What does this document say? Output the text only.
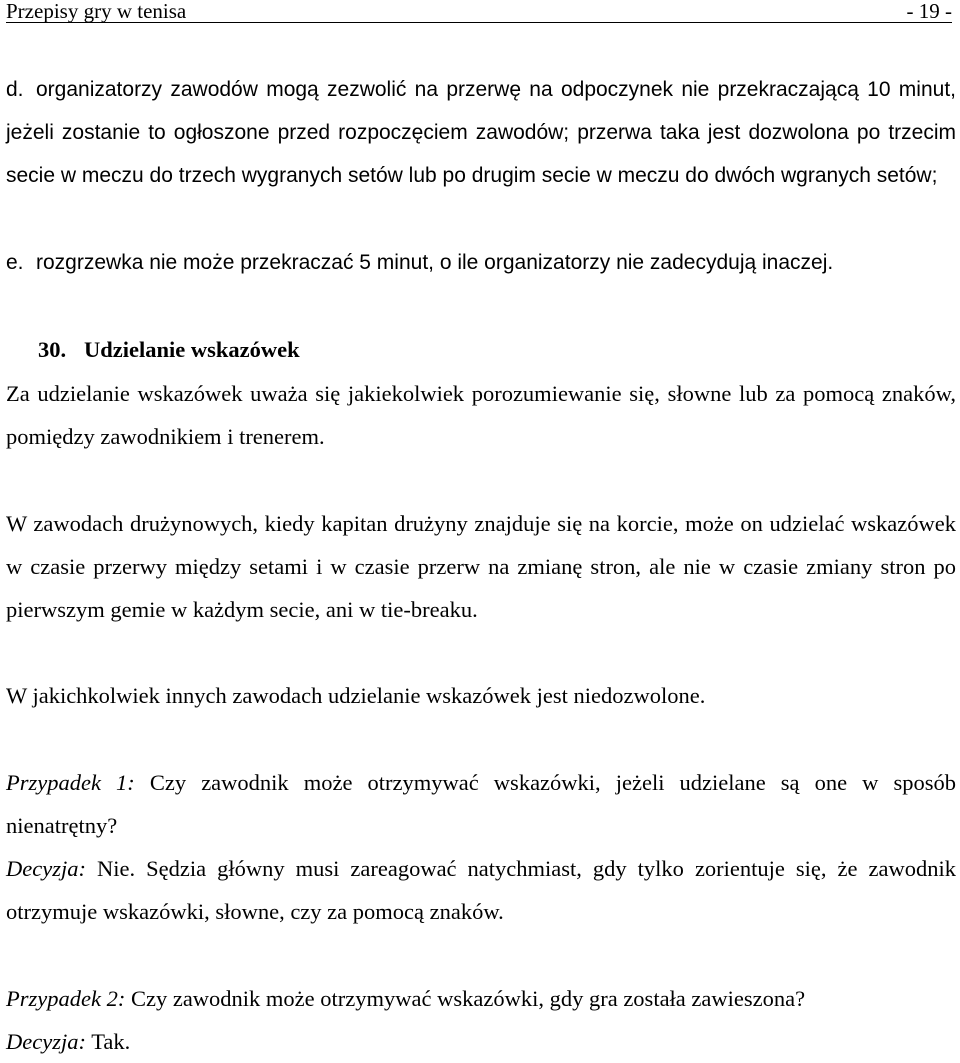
Przepisy gry w tenisa	- 19 -
d. organizatorzy zawodów mogą zezwolić na przerwę na odpoczynek nie przekraczającą 10 minut, jeżeli zostanie to ogłoszone przed rozpoczęciem zawodów; przerwa taka jest dozwolona po trzecim secie w meczu do trzech wygranych setów lub po drugim secie w meczu do dwóch wgranych setów;
e. rozgrzewka nie może przekraczać 5 minut, o ile organizatorzy nie zadecydują inaczej.
30. Udzielanie wskazówek

Za udzielanie wskazówek uważa się jakiekolwiek porozumiewanie się, słowne lub za pomocą znaków, pomiędzy zawodnikiem i trenerem.

W zawodach drużynowych, kiedy kapitan drużyny znajduje się na korcie, może on udzielać wskazówek w czasie przerwy między setami i w czasie przerw na zmianę stron, ale nie w czasie zmiany stron po pierwszym gemie w każdym secie, ani w tie-breaku.

W jakichkolwiek innych zawodach udzielanie wskazówek jest niedozwolone.

Przypadek 1: Czy zawodnik może otrzymywać wskazówki, jeżeli udzielane są one w sposób nienatrętny?
Decyzja: Nie. Sędzia główny musi zareagować natychmiast, gdy tylko zorientuje się, że zawodnik otrzymuje wskazówki, słowne, czy za pomocą znaków.
Przypadek 2: Czy zawodnik może otrzymywać wskazówki, gdy gra została zawieszona?
Decyzja: Tak.
